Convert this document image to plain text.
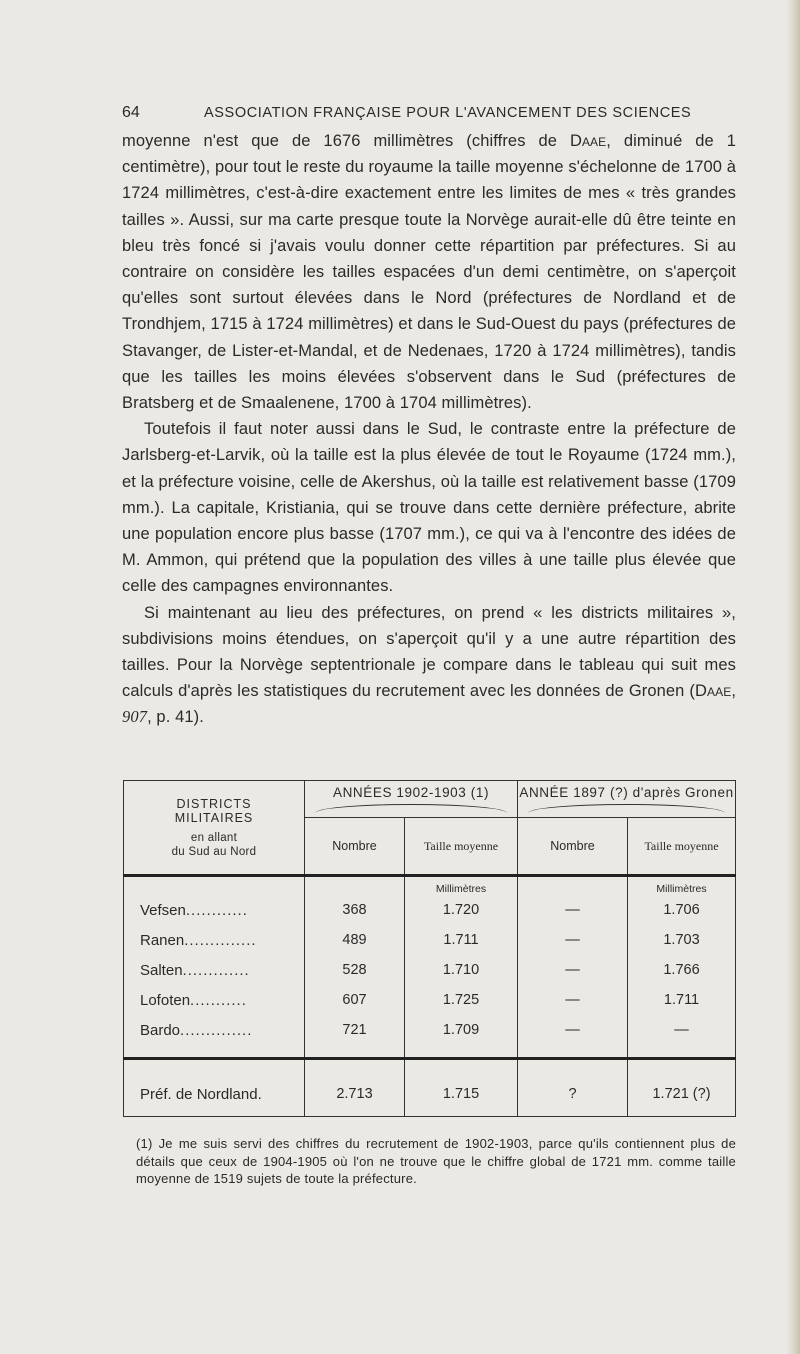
64	ASSOCIATION FRANÇAISE POUR L'AVANCEMENT DES SCIENCES

moyenne n'est que de 1676 millimètres (chiffres de Daae, diminué de 1 centimètre), pour tout le reste du royaume la taille moyenne s'échelonne de 1700 à 1724 millimètres, c'est-à-dire exactement entre les limites de mes « très grandes tailles ». Aussi, sur ma carte presque toute la Norvège aurait-elle dû être teinte en bleu très foncé si j'avais voulu donner cette répartition par préfectures. Si au contraire on considère les tailles espacées d'un demi centimètre, on s'aperçoit qu'elles sont surtout élevées dans le Nord (préfectures de Nordland et de Trondhjem, 1715 à 1724 millimètres) et dans le Sud-Ouest du pays (préfectures de Stavanger, de Lister-et-Mandal, et de Nedenaes, 1720 à 1724 millimètres), tandis que les tailles les moins élevées s'observent dans le Sud (préfectures de Bratsberg et de Smaalenene, 1700 à 1704 millimètres).

Toutefois il faut noter aussi dans le Sud, le contraste entre la préfecture de Jarlsberg-et-Larvik, où la taille est la plus élevée de tout le Royaume (1724 mm.), et la préfecture voisine, celle de Akershus, où la taille est relativement basse (1709 mm.). La capitale, Kristiania, qui se trouve dans cette dernière préfecture, abrite une population encore plus basse (1707 mm.), ce qui va à l'encontre des idées de M. Ammon, qui prétend que la population des villes à une taille plus élevée que celle des campagnes environnantes.

Si maintenant au lieu des préfectures, on prend « les districts militaires », subdivisions moins étendues, on s'aperçoit qu'il y a une autre répartition des tailles. Pour la Norvège septentrionale je compare dans le tableau qui suit mes calculs d'après les statistiques du recrutement avec les données de Gronen (Daae, 907, p. 41).

DISTRICTS
MILITAIRES
en allant
du Sud au Nord	ANNÉES 1902-1903 (1)		ANNÉE 1897 (?) d'après Gronen	

	Nombre	Taille moyenne	Nombre	Taille moyenne
		Millimètres		Millimètres
Vefsen............	368	1.720	—	1.706
Ranen..............	489	1.711	—	1.703
Salten.............	528	1.710	—	1.766
Lofoten...........	607	1.725	—	1.711
Bardo..............	721	1.709	—	—
Préf. de Nordland.	2.713	1.715	?	1.721 (?)
(1) Je me suis servi des chiffres du recrutement de 1902-1903, parce qu'ils contiennent plus de détails que ceux de 1904-1905 où l'on ne trouve que le chiffre global de 1721 mm. comme taille moyenne de 1519 sujets de toute la préfecture.
